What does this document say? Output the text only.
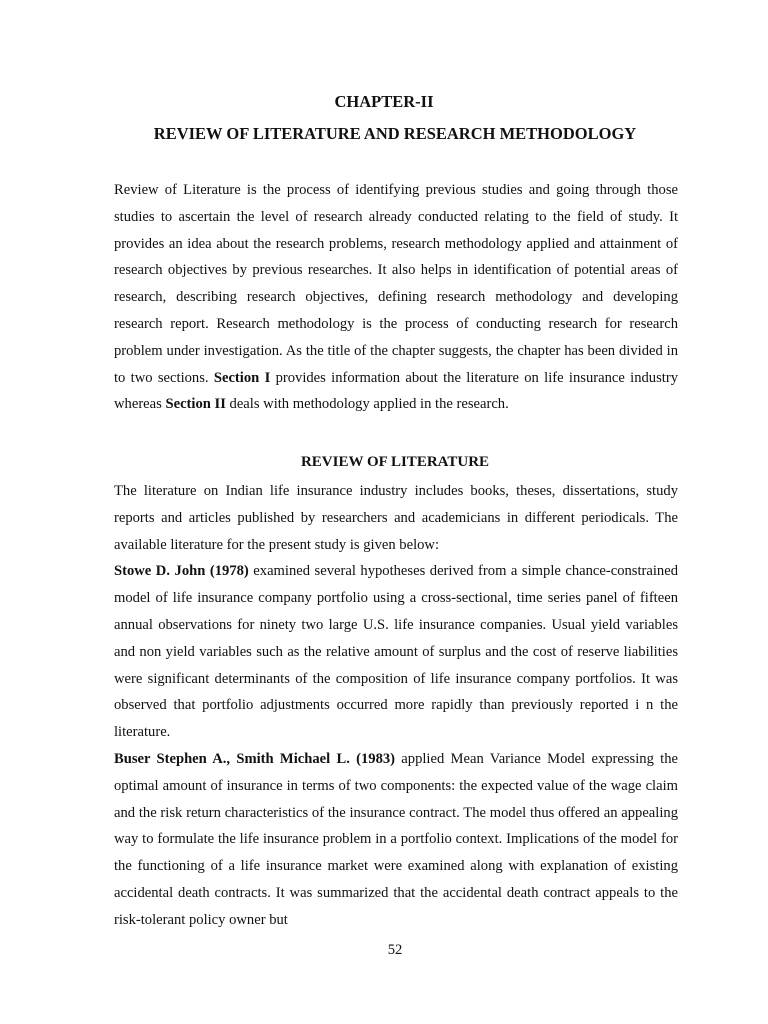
CHAPTER-II
REVIEW OF LITERATURE AND RESEARCH METHODOLOGY

Review of Literature is the process of identifying previous studies and going through those studies to ascertain the level of research already conducted relating to the field of study. It provides an idea about the research problems, research methodology applied and attainment of research objectives by previous researches. It also helps in identification of potential areas of research, describing research objectives, defining research methodology and developing research report. Research methodology is the process of conducting research for research problem under investigation. As the title of the chapter suggests, the chapter has been divided in to two sections. Section I provides information about the literature on life insurance industry whereas Section II deals with methodology applied in the research.

REVIEW OF LITERATURE

The literature on Indian life insurance industry includes books, theses, dissertations, study reports and articles published by researchers and academicians in different periodicals. The available literature for the present study is given below:

Stowe D. John (1978) examined several hypotheses derived from a simple chance-constrained model of life insurance company portfolio using a cross-sectional, time series panel of fifteen annual observations for ninety two large U.S. life insurance companies. Usual yield variables and non yield variables such as the relative amount of surplus and the cost of reserve liabilities were significant determinants of the composition of life insurance company portfolios. It was observed that portfolio adjustments occurred more rapidly than previously reported i n the literature.

Buser Stephen A., Smith Michael L. (1983) applied Mean Variance Model expressing the optimal amount of insurance in terms of two components: the expected value of the wage claim and the risk return characteristics of the insurance contract. The model thus offered an appealing way to formulate the life insurance problem in a portfolio context. Implications of the model for the functioning of a life insurance market were examined along with explanation of existing accidental death contracts. It was summarized that the accidental death contract appeals to the risk-tolerant policy owner but

52
